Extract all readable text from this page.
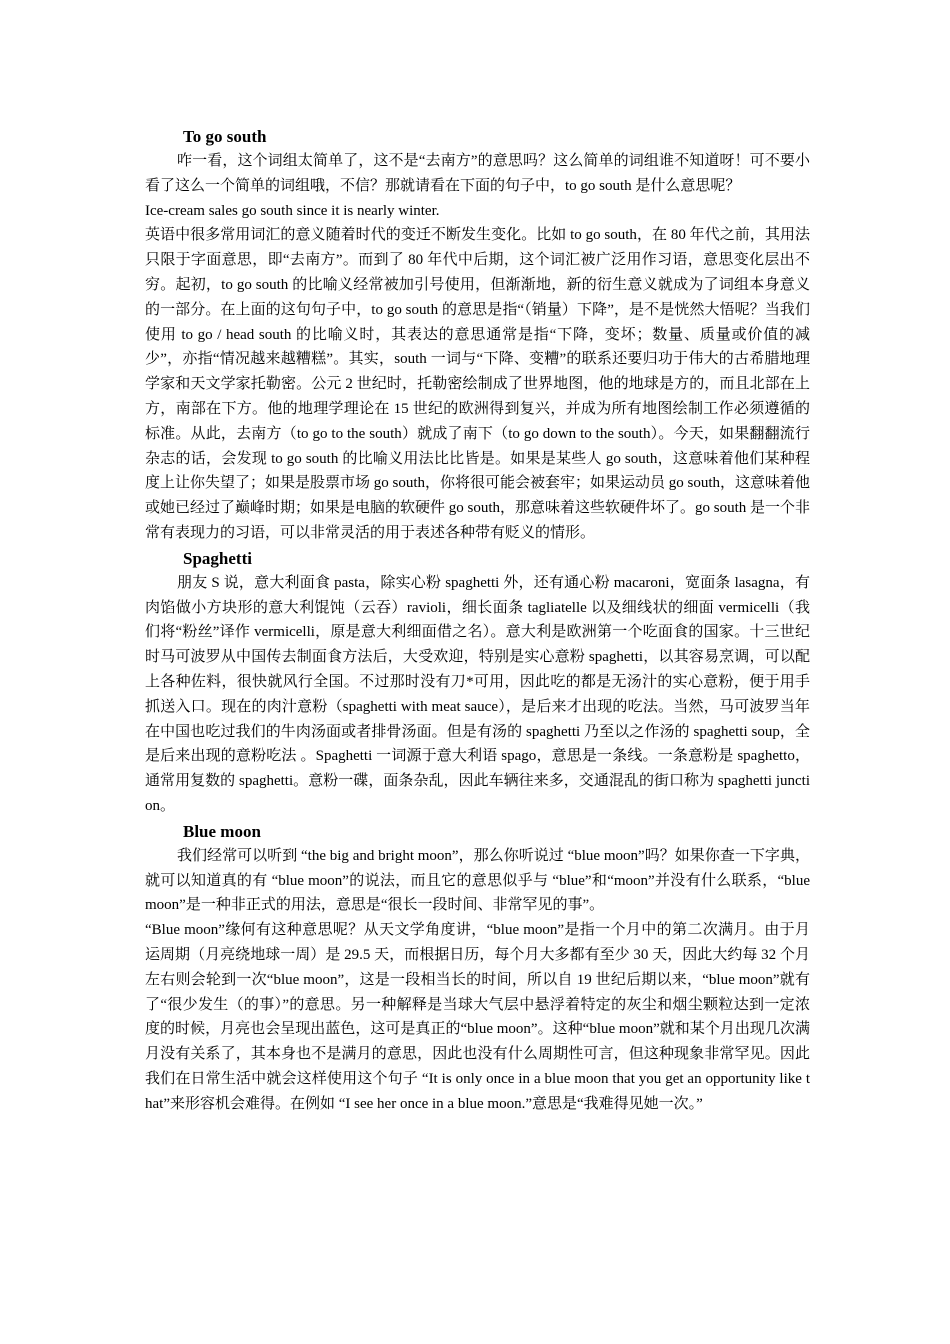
To go south

咋一看，这个词组太简单了，这不是“去南方”的意思吗？这么简单的词组谁不知道呀！可不要小看了这么一个简单的词组哦，不信？那就请看在下面的句子中，to go south 是什么意思呢？

Ice-cream sales go south since it is nearly winter.

英语中很多常用词汇的意义随着时代的变迁不断发生变化。比如 to go south，在 80 年代之前，其用法只限于字面意思，即“去南方”。而到了 80 年代中后期，这个词汇被广泛用作习语，意思变化层出不穷。起初，to go south 的比喻义经常被加引号使用，但渐渐地，新的衍生意义就成为了词组本身意义的一部分。在上面的这句句子中，to go south 的意思是指“（销量）下降”，是不是恍然大悟呢？当我们使用 to go / head south 的比喻义时，其表达的意思通常是指“下降，变坏；数量、质量或价值的减少”，亦指“情况越来越糟糕”。其实，south 一词与“下降、变糟”的联系还要归功于伟大的古希腊地理学家和天文学家托勒密。公元 2 世纪时，托勒密绘制成了世界地图，他的地球是方的，而且北部在上方，南部在下方。他的地理学理论在 15 世纪的欧洲得到复兴，并成为所有地图绘制工作必须遵循的标准。从此，去南方（to go to the south）就成了南下（to go down to the south）。今天，如果翻翻流行杂志的话，会发现 to go south 的比喻义用法比比皆是。如果是某些人 go south，这意味着他们某种程度上让你失望了；如果是股票市场 go south，你将很可能会被套牢；如果运动员 go south，这意味着他或她已经过了巅峰时期；如果是电脑的软硬件 go south，那意味着这些软硬件坏了。go south 是一个非常有表现力的习语，可以非常灵活的用于表述各种带有贬义的情形。

Spaghetti

朋友 S 说，意大利面食 pasta，除实心粉 spaghetti 外，还有通心粉 macaroni，宽面条 lasagna，有肉馅做小方块形的意大利馄饨（云吞）ravioli，细长面条 tagliatelle 以及细线状的细面 vermicelli（我们将“粉丝”译作 vermicelli，原是意大利细面借之名）。意大利是欧洲第一个吃面食的国家。十三世纪时马可波罗从中国传去制面食方法后，大受欢迎，特别是实心意粉 spaghetti，以其容易烹调，可以配上各种佐料，很快就风行全国。不过那时没有刀*可用，因此吃的都是无汤汁的实心意粉，便于用手抓送入口。现在的肉汁意粉（spaghetti with meat sauce），是后来才出现的吃法。当然，马可波罗当年在中国也吃过我们的牛肉汤面或者排骨汤面。但是有汤的 spaghetti 乃至以之作汤的 spaghetti soup，全是后来出现的意粉吃法 。Spaghetti 一词源于意大利语 spago，意思是一条线。一条意粉是 spaghetto，通常用复数的 spaghetti。意粉一碟，面条杂乱，因此车辆往来多，交通混乱的街口称为 spaghetti junction。

Blue moon

我们经常可以听到 “the big and bright moon”，那么你听说过 “blue moon”吗？如果你查一下字典，就可以知道真的有 “blue moon”的说法，而且它的意思似乎与 “blue”和“moon”并没有什么联系，“blue moon”是一种非正式的用法，意思是“很长一段时间、非常罕见的事”。

“Blue moon”缘何有这种意思呢？从天文学角度讲，“blue moon”是指一个月中的第二次满月。由于月运周期（月亮绕地球一周）是 29.5 天，而根据日历，每个月大多都有至少 30 天，因此大约每 32 个月左右则会轮到一次“blue moon”，这是一段相当长的时间，所以自 19 世纪后期以来，“blue moon”就有了“很少发生（的事）”的意思。另一种解释是当球大气层中悬浮着特定的灰尘和烟尘颗粒达到一定浓度的时候，月亮也会呈现出蓝色，这可是真正的“blue moon”。这种“blue moon”就和某个月出现几次满月没有关系了，其本身也不是满月的意思，因此也没有什么周期性可言，但这种现象非常罕见。因此我们在日常生活中就会这样使用这个句子 “It is only once in a blue moon that you get an opportunity like that”来形容机会难得。在例如 “I see her once in a blue moon.”意思是“我难得见她一次。”
